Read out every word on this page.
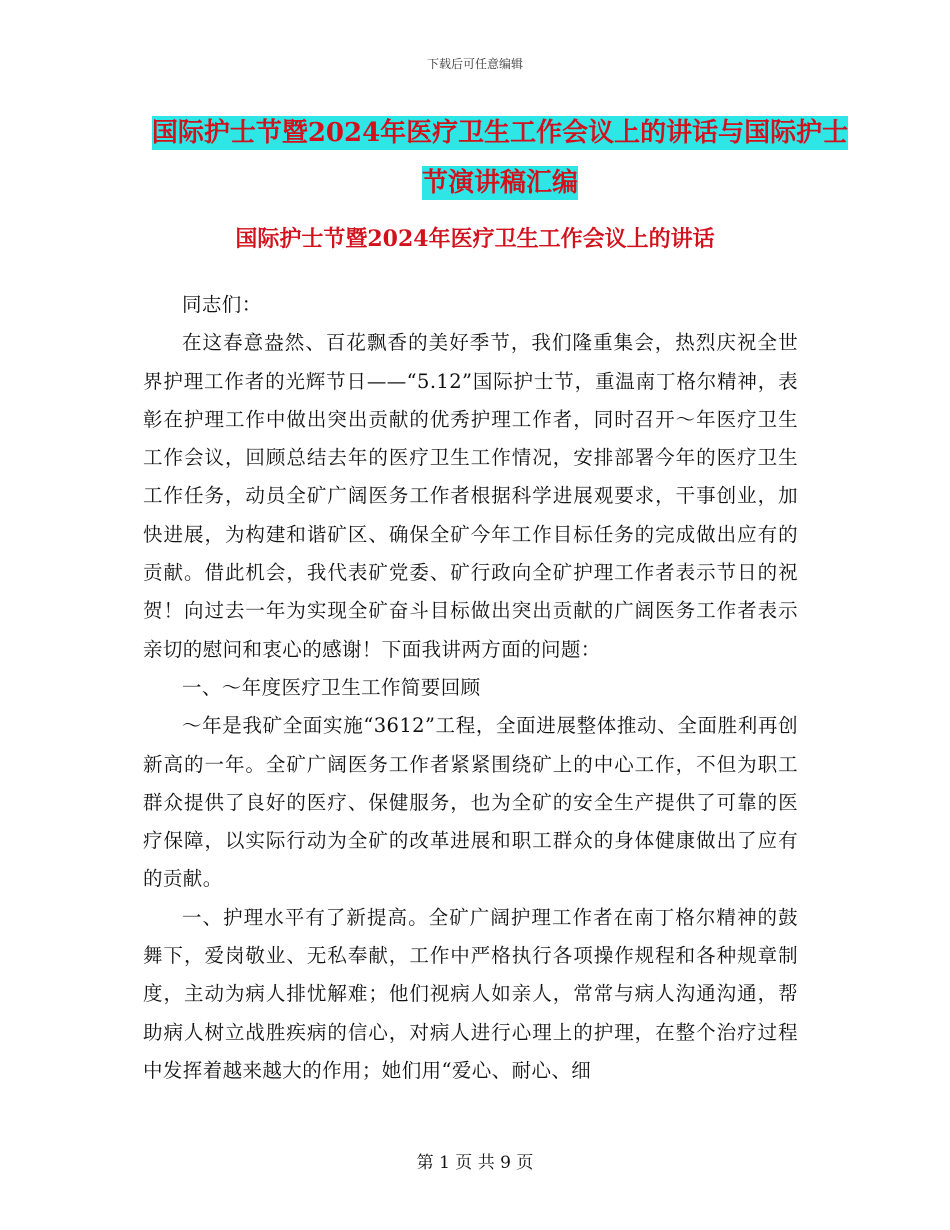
下载后可任意编辑
国际护士节暨2024年医疗卫生工作会议上的讲话与国际护士节演讲稿汇编
国际护士节暨2024年医疗卫生工作会议上的讲话

同志们：

在这春意盎然、百花飘香的美好季节，我们隆重集会，热烈庆祝全世界护理工作者的光辉节日——“5.12”国际护士节，重温南丁格尔精神，表彰在护理工作中做出突出贡献的优秀护理工作者，同时召开～年医疗卫生工作会议，回顾总结去年的医疗卫生工作情况，安排部署今年的医疗卫生工作任务，动员全矿广阔医务工作者根据科学进展观要求，干事创业，加快进展，为构建和谐矿区、确保全矿今年工作目标任务的完成做出应有的贡献。借此机会，我代表矿党委、矿行政向全矿护理工作者表示节日的祝贺！向过去一年为实现全矿奋斗目标做出突出贡献的广阔医务工作者表示亲切的慰问和衷心的感谢！下面我讲两方面的问题：

一、～年度医疗卫生工作简要回顾

～年是我矿全面实施“3612”工程，全面进展整体推动、全面胜利再创新高的一年。全矿广阔医务工作者紧紧围绕矿上的中心工作，不但为职工群众提供了良好的医疗、保健服务，也为全矿的安全生产提供了可靠的医疗保障，以实际行动为全矿的改革进展和职工群众的身体健康做出了应有的贡献。

一、护理水平有了新提高。全矿广阔护理工作者在南丁格尔精神的鼓舞下，爱岗敬业、无私奉献，工作中严格执行各项操作规程和各种规章制度，主动为病人排忧解难；他们视病人如亲人，常常与病人沟通沟通，帮助病人树立战胜疾病的信心，对病人进行心理上的护理，在整个治疗过程中发挥着越来越大的作用；她们用“爱心、耐心、细

第 1 页 共 9 页
